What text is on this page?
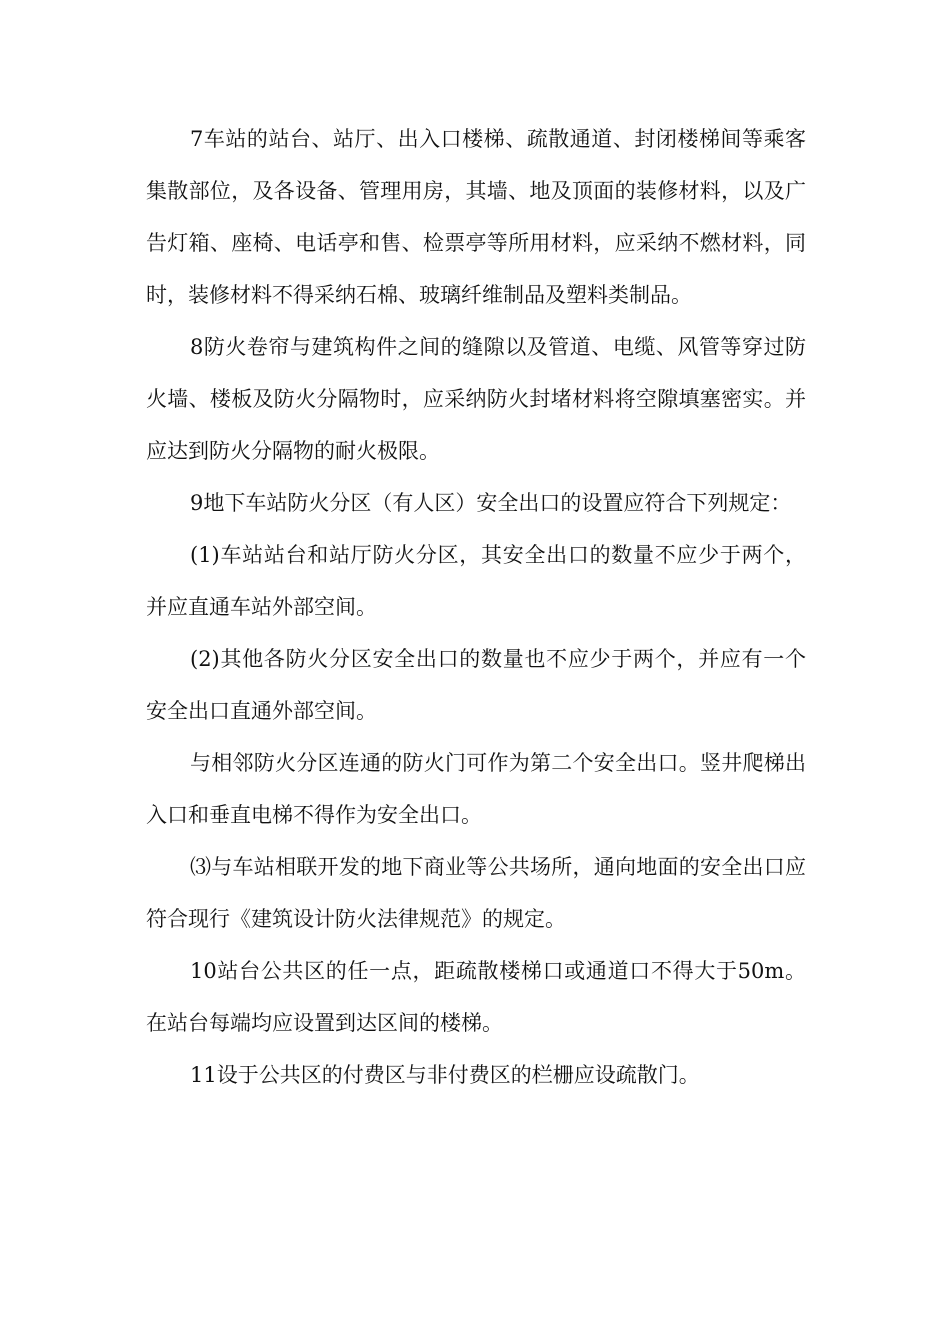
7车站的站台、站厅、出入口楼梯、疏散通道、封闭楼梯间等乘客集散部位，及各设备、管理用房，其墙、地及顶面的装修材料，以及广告灯箱、座椅、电话亭和售、检票亭等所用材料，应采纳不燃材料，同时，装修材料不得采纳石棉、玻璃纤维制品及塑料类制品。

8防火卷帘与建筑构件之间的缝隙以及管道、电缆、风管等穿过防火墙、楼板及防火分隔物时，应采纳防火封堵材料将空隙填塞密实。并应达到防火分隔物的耐火极限。

9地下车站防火分区（有人区）安全出口的设置应符合下列规定：

(1)车站站台和站厅防火分区，其安全出口的数量不应少于两个，并应直通车站外部空间。

(2)其他各防火分区安全出口的数量也不应少于两个，并应有一个安全出口直通外部空间。

与相邻防火分区连通的防火门可作为第二个安全出口。竖井爬梯出入口和垂直电梯不得作为安全出口。

⑶与车站相联开发的地下商业等公共场所，通向地面的安全出口应符合现行《建筑设计防火法律规范》的规定。

10站台公共区的任一点，距疏散楼梯口或通道口不得大于50m。在站台每端均应设置到达区间的楼梯。

11设于公共区的付费区与非付费区的栏栅应设疏散门。
